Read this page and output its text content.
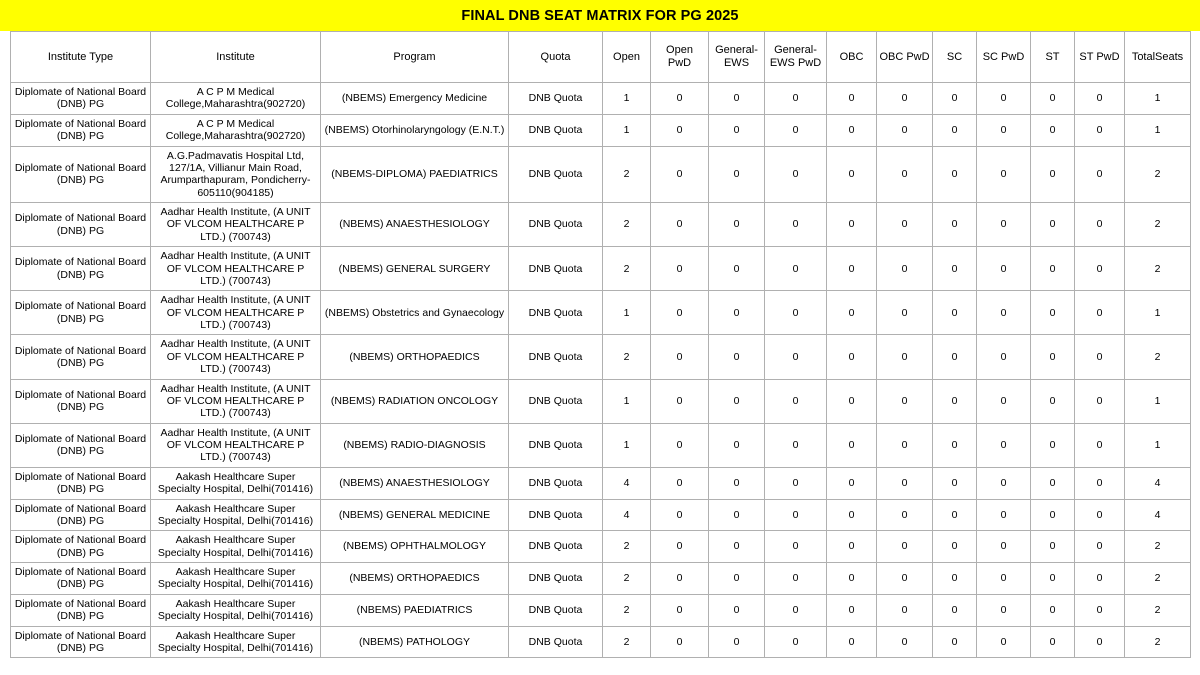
FINAL DNB SEAT MATRIX FOR PG 2025
Institute Type	Institute	Program	Quota	Open	Open PwD	General-EWS	General-EWS PwD	OBC	OBC PwD	SC	SC PwD	ST	ST PwD	TotalSeats
Diplomate of National Board (DNB) PG	A C P M Medical College,Maharashtra(902720)	(NBEMS) Emergency Medicine	DNB Quota	1	0	0	0	0	0	0	0	0	0	1
Diplomate of National Board (DNB) PG	A C P M Medical College,Maharashtra(902720)	(NBEMS) Otorhinolaryngology (E.N.T.)	DNB Quota	1	0	0	0	0	0	0	0	0	0	1
Diplomate of National Board (DNB) PG	A.G.Padmavatis Hospital Ltd, 127/1A, Villianur Main Road, Arumparthapuram, Pondicherry-605110(904185)	(NBEMS-DIPLOMA) PAEDIATRICS	DNB Quota	2	0	0	0	0	0	0	0	0	0	2
Diplomate of National Board (DNB) PG	Aadhar Health Institute, (A UNIT OF VLCOM HEALTHCARE P LTD.) (700743)	(NBEMS) ANAESTHESIOLOGY	DNB Quota	2	0	0	0	0	0	0	0	0	0	2
Diplomate of National Board (DNB) PG	Aadhar Health Institute, (A UNIT OF VLCOM HEALTHCARE P LTD.) (700743)	(NBEMS) GENERAL SURGERY	DNB Quota	2	0	0	0	0	0	0	0	0	0	2
Diplomate of National Board (DNB) PG	Aadhar Health Institute, (A UNIT OF VLCOM HEALTHCARE P LTD.) (700743)	(NBEMS) Obstetrics and Gynaecology	DNB Quota	1	0	0	0	0	0	0	0	0	0	1
Diplomate of National Board (DNB) PG	Aadhar Health Institute, (A UNIT OF VLCOM HEALTHCARE P LTD.) (700743)	(NBEMS) ORTHOPAEDICS	DNB Quota	2	0	0	0	0	0	0	0	0	0	2
Diplomate of National Board (DNB) PG	Aadhar Health Institute, (A UNIT OF VLCOM HEALTHCARE P LTD.) (700743)	(NBEMS) RADIATION ONCOLOGY	DNB Quota	1	0	0	0	0	0	0	0	0	0	1
Diplomate of National Board (DNB) PG	Aadhar Health Institute, (A UNIT OF VLCOM HEALTHCARE P LTD.) (700743)	(NBEMS) RADIO-DIAGNOSIS	DNB Quota	1	0	0	0	0	0	0	0	0	0	1
Diplomate of National Board (DNB) PG	Aakash Healthcare Super Specialty Hospital, Delhi(701416)	(NBEMS) ANAESTHESIOLOGY	DNB Quota	4	0	0	0	0	0	0	0	0	0	4
Diplomate of National Board (DNB) PG	Aakash Healthcare Super Specialty Hospital, Delhi(701416)	(NBEMS) GENERAL MEDICINE	DNB Quota	4	0	0	0	0	0	0	0	0	0	4
Diplomate of National Board (DNB) PG	Aakash Healthcare Super Specialty Hospital, Delhi(701416)	(NBEMS) OPHTHALMOLOGY	DNB Quota	2	0	0	0	0	0	0	0	0	0	2
Diplomate of National Board (DNB) PG	Aakash Healthcare Super Specialty Hospital, Delhi(701416)	(NBEMS) ORTHOPAEDICS	DNB Quota	2	0	0	0	0	0	0	0	0	0	2
Diplomate of National Board (DNB) PG	Aakash Healthcare Super Specialty Hospital, Delhi(701416)	(NBEMS) PAEDIATRICS	DNB Quota	2	0	0	0	0	0	0	0	0	0	2
Diplomate of National Board (DNB) PG	Aakash Healthcare Super Specialty Hospital, Delhi(701416)	(NBEMS) PATHOLOGY	DNB Quota	2	0	0	0	0	0	0	0	0	0	2
